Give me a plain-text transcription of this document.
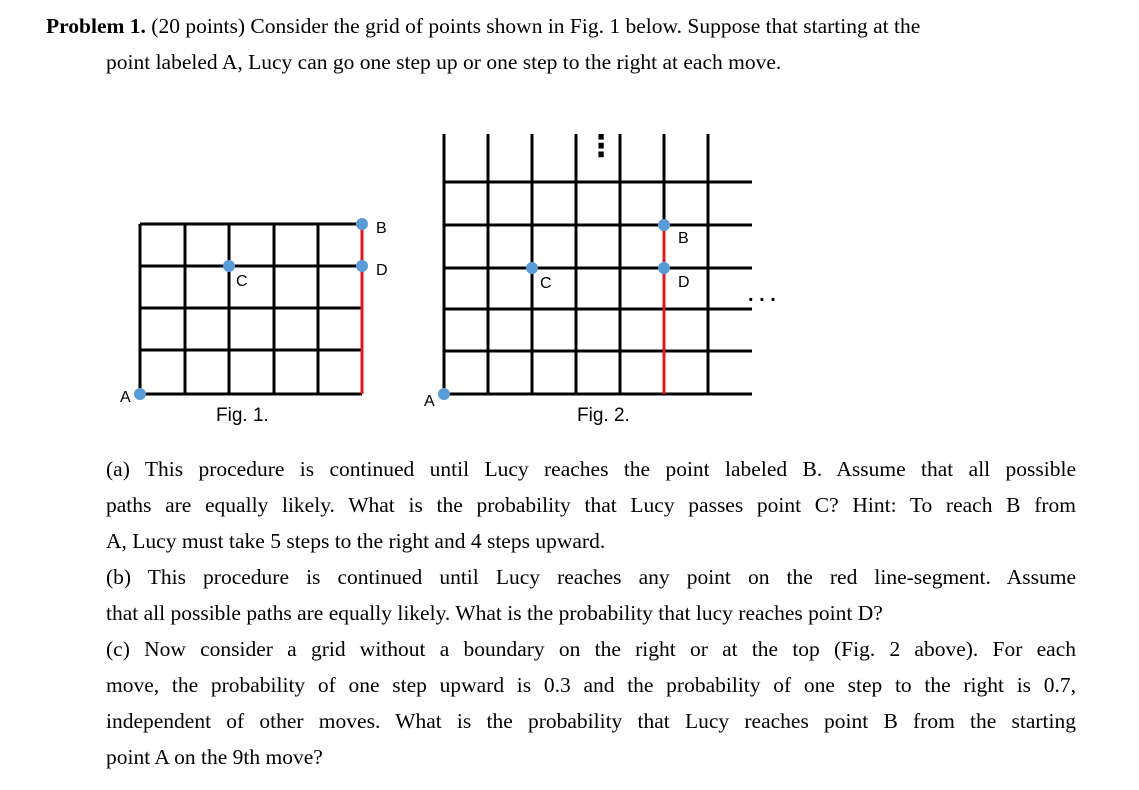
Problem 1. (20 points) Consider the grid of points shown in Fig. 1 below. Suppose that starting at the
point labeled A, Lucy can go one step up or one step to the right at each move.
A
C
B
D
Fig. 1.
A
C
B
D
Fig. 2.
. . .
⋮
(a) This procedure is continued until Lucy reaches the point labeled B. Assume that all possible
paths are equally likely. What is the probability that Lucy passes point C? Hint: To reach B from
A, Lucy must take 5 steps to the right and 4 steps upward.
(b) This procedure is continued until Lucy reaches any point on the red line-segment. Assume
that all possible paths are equally likely. What is the probability that lucy reaches point D?
(c) Now consider a grid without a boundary on the right or at the top (Fig. 2 above). For each
move, the probability of one step upward is 0.3 and the probability of one step to the right is 0.7,
independent of other moves. What is the probability that Lucy reaches point B from the starting
point A on the 9th move?
